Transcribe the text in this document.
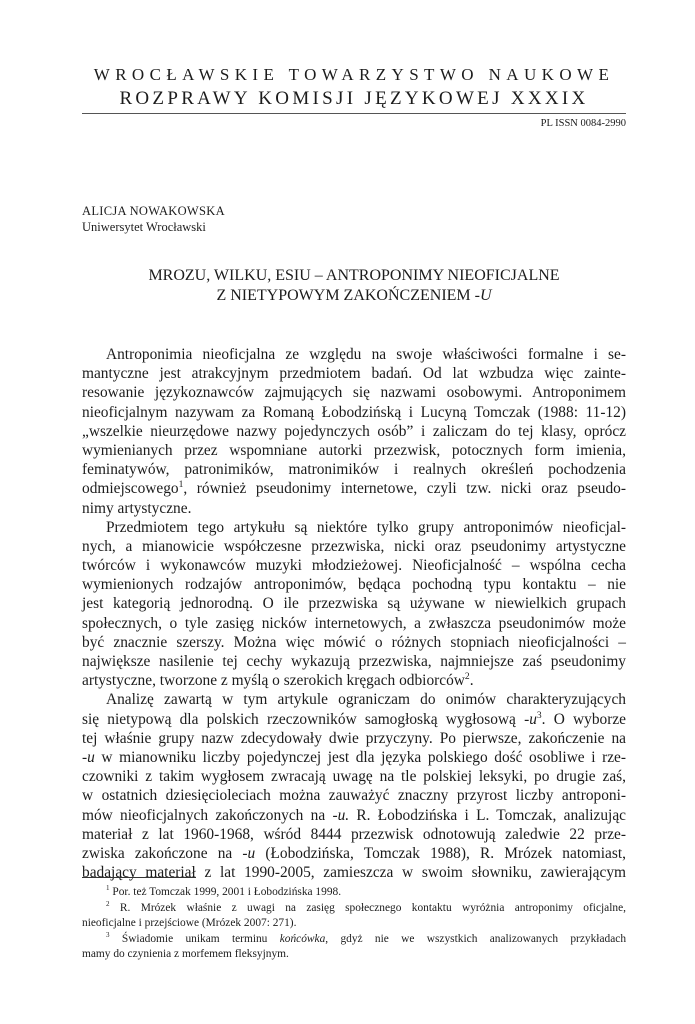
WROCŁAWSKIE TOWARZYSTWO NAUKOWE
ROZPRAWY KOMISJI JĘZYKOWEJ XXXIX
PL ISSN 0084-2990
ALICJA NOWAKOWSKA
Uniwersytet Wrocławski
MROZU, WILKU, ESIU – ANTROPONIMY NIEOFICJALNE
Z NIETYPOWYM ZAKOŃCZENIEM -U

Antroponimia nieoficjalna ze względu na swoje właściwości formalne i se-
mantyczne jest atrakcyjnym przedmiotem badań. Od lat wzbudza więc zainte-
resowanie językoznawców zajmujących się nazwami osobowymi. Antroponimem
nieoficjalnym nazywam za Romaną Łobodzińską i Lucyną Tomczak (1988: 11-12)
„wszelkie nieurzędowe nazwy pojedynczych osób” i zaliczam do tej klasy, oprócz
wymienianych przez wspomniane autorki przezwisk, potocznych form imienia,
feminatywów, patronimików, matronimików i realnych określeń pochodzenia
odmiejscowego$^1$, również pseudonimy internetowe, czyli tzw. nicki oraz pseudo-
nimy artystyczne.

Przedmiotem tego artykułu są niektóre tylko grupy antroponimów nieoficjal-
nych, a mianowicie współczesne przezwiska, nicki oraz pseudonimy artystyczne
twórców i wykonawców muzyki młodzieżowej. Nieoficjalność – wspólna cecha
wymienionych rodzajów antroponimów, będąca pochodną typu kontaktu – nie
jest kategorią jednorodną. O ile przezwiska są używane w niewielkich grupach
społecznych, o tyle zasięg nicków internetowych, a zwłaszcza pseudonimów może
być znacznie szerszy. Można więc mówić o różnych stopniach nieoficjalności –
największe nasilenie tej cechy wykazują przezwiska, najmniejsze zaś pseudonimy
artystyczne, tworzone z myślą o szerokich kręgach odbiorców$^2$.

Analizę zawartą w tym artykule ograniczam do onimów charakteryzujących
się nietypową dla polskich rzeczowników samogłoską wygłosową $-u^3$. O wyborze
tej właśnie grupy nazw zdecydowały dwie przyczyny. Po pierwsze, zakończenie na
-u w mianowniku liczby pojedynczej jest dla języka polskiego dość osobliwe i rze-
czowniki z takim wygłosem zwracają uwagę na tle polskiej leksyki, po drugie zaś,
w ostatnich dziesięcioleciach można zauważyć znaczny przyrost liczby antroponi-
mów nieoficjalnych zakończonych na -u. R. Łobodzińska i L. Tomczak, analizując
materiał z lat 1960-1968, wśród 8444 przezwisk odnotowują zaledwie 22 prze-
zwiska zakończone na -u (Łobodzińska, Tomczak 1988), R. Mrózek natomiast,
badający materiał z lat 1990-2005, zamieszcza w swoim słowniku, zawierającym

$^1$ Por. też Tomczak 1999, 2001 i Łobodzińska 1998.
$^2$ R. Mrózek właśnie z uwagi na zasięg społecznego kontaktu wyróżnia antroponimy oficjalne,
nieoficjalne i przejściowe (Mrózek 2007: 271).
$^3$ Świadomie unikam terminu końcówka, gdyż nie we wszystkich analizowanych przykładach
mamy do czynienia z morfemem fleksyjnym.
